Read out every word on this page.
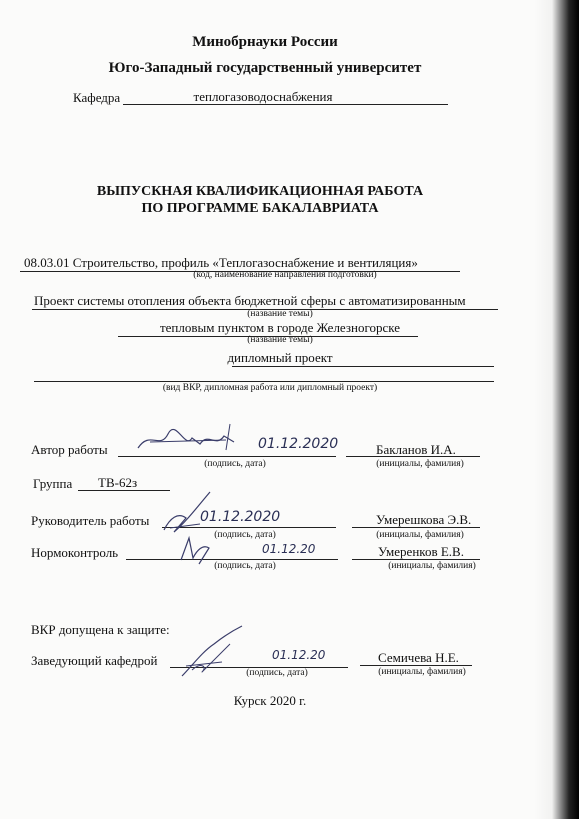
Минобрнауки России
Юго-Западный государственный университет
Кафедра	теплогазоводоснабжения
ВЫПУСКНАЯ КВАЛИФИКАЦИОННАЯ РАБОТА
ПО ПРОГРАММЕ БАКАЛАВРИАТА
08.03.01 Строительство, профиль «Теплогазоснабжение и вентиляция»
(код, наименование направления подготовки)
Проект системы отопления объекта бюджетной сферы с автоматизированным
(название темы)
тепловым пунктом в городе Железногорске
(название темы)
дипломный проект
(вид ВКР, дипломная работа или дипломный проект)
Автор работы	01.12.2020
(подпись, дата)
Бакланов И.А.
(инициалы, фамилия)
Группа ТВ-62з
Руководитель работы	01.12.2020
(подпись, дата)
Умерешкова Э.В.
(инициалы, фамилия)
Нормоконтроль	01.12.20
(подпись, дата)
Умеренков Е.В.
(инициалы, фамилия)
ВКР допущена к защите:
Заведующий кафедрой	01.12.20
(подпись, дата)
Семичева Н.Е.
(инициалы, фамилия)
Курск 2020 г.
